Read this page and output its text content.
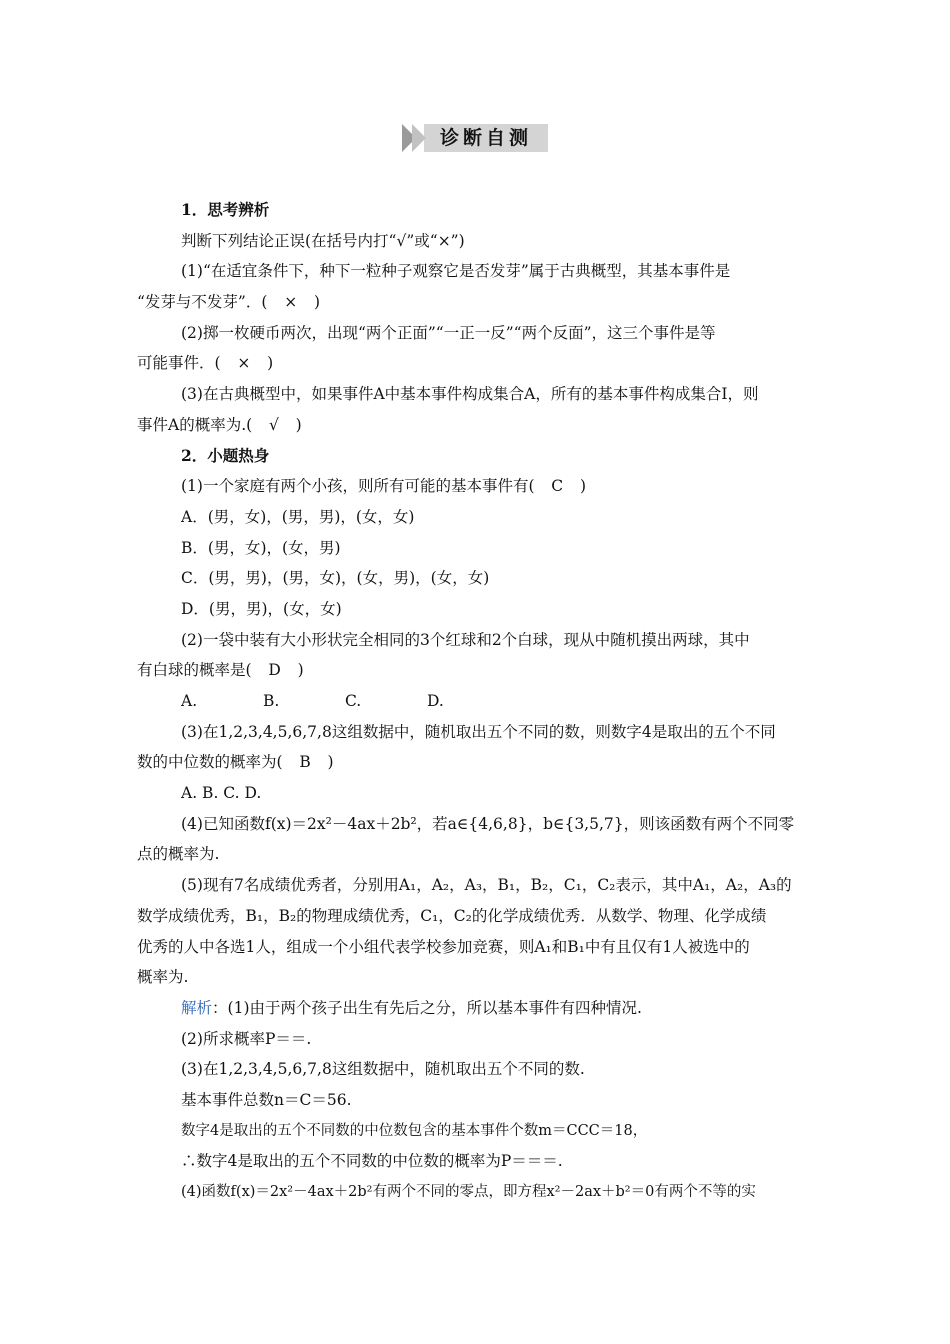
诊断自测
1．思考辨析
判断下列结论正误(在括号内打“√”或“×”)
(1)“在适宜条件下，种下一粒种子观察它是否发芽”属于古典概型，其基本事件是
“发芽与不发芽”．( × )
(2)掷一枚硬币两次，出现“两个正面”“一正一反”“两个反面”，这三个事件是等
可能事件．( × )
(3)在古典概型中，如果事件A中基本事件构成集合A，所有的基本事件构成集合I，则
事件A的概率为.( √ )
2．小题热身
(1)一个家庭有两个小孩，则所有可能的基本事件有( C )
A．(男，女)，(男，男)，(女，女)
B．(男，女)，(女，男)
C．(男，男)，(男，女)，(女，男)，(女，女)
D．(男，男)，(女，女)
(2)一袋中装有大小形状完全相同的3个红球和2个白球，现从中随机摸出两球，其中
有白球的概率是( D )
A.	B.	C.	D.
(3)在1,2,3,4,5,6,7,8这组数据中，随机取出五个不同的数，则数字4是取出的五个不同
数的中位数的概率为( B )
A. B. C. D.
(4)已知函数f(x)＝2x²－4ax＋2b²，若a∈{4,6,8}，b∈{3,5,7}，则该函数有两个不同零
点的概率为.
(5)现有7名成绩优秀者，分别用A₁，A₂，A₃，B₁，B₂，C₁，C₂表示，其中A₁，A₂，A₃的
数学成绩优秀，B₁，B₂的物理成绩优秀，C₁，C₂的化学成绩优秀．从数学、物理、化学成绩
优秀的人中各选1人，组成一个小组代表学校参加竞赛，则A₁和B₁中有且仅有1人被选中的
概率为.
解析：(1)由于两个孩子出生有先后之分，所以基本事件有四种情况.
(2)所求概率P＝＝.
(3)在1,2,3,4,5,6,7,8这组数据中，随机取出五个不同的数.
基本事件总数n＝C＝56.
数字4是取出的五个不同数的中位数包含的基本事件个数m＝CCC＝18，
∴数字4是取出的五个不同数的中位数的概率为P＝＝＝.
(4)函数f(x)＝2x²－4ax＋2b²有两个不同的零点，即方程x²－2ax＋b²＝0有两个不等的实
